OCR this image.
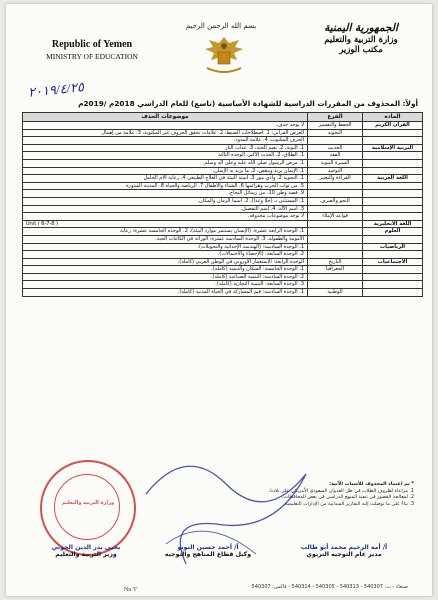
Republic of Yemen
MINISTRY OF EDUCATION
بسم الله الرحمن الرحيم	الجمهورية اليمنية
وزارة التربية والتعليم
مكتب الوزير
٢٠١٩/٤/٢٥
أولاً: المحذوف من المقررات الدراسية للشهادة الأساسية (تاسع) للعام الدراسي 2018م /2019م
المادة	الفرع	موضوعات الحذف
القرآن الكريم	الحفظ والتفسير	لا يوجد حذف.
	التجويد	العرض القرآني: 1. اصطلاحات الضبط، 2. علامات تحقق الحروف غير المكتوبة، 3. علامة من إهمال
		الحرف المكتوب، 4. علامة المدود.
التربية الإسلامية	الحديث	1. التوبة، 2. نعيم الجنة، 3. عذاب النار
	الفقه	1. الطلاق، 2. الحدث الأكبر، الوحدة الثالثة
	السيرة النبوية	1. مرض الرسول صلى الله عليه وعلى آله وسلم.
	التوحيد	1. الإيمان يزيد وينقص، 2. ما يزيد به الإيمان.
اللغة العربية	القراءة والتعبير	1. التجويد 2. وادي مور 3. اتمتة البيئة في العلاج الطبيعي 4. رعاية الأم الحامل
		5. من ثواب الحرب وهزائمها 6. الشتاء والأطفال 7. الرياضة والحياة 8. المدينة المدورة
		9. قصة وطن 10. من رسائل النجاح.
	النحو والصرف	1. المستثنى بـ (خلا وعدا)، 2. أسما الزمان والمكان.
		3. اسم الآلة، 4. اسم التفضيل.
	قواعد الإملاء	لا توجد موضوعات محذوفة.
اللغة الانجليزية		Unit ( 6-7-8 )
العلوم		1. الوحدة الرابعة عشرة: (الإنسان يستثمر موارد البيئة)، 2. الوحدة الخامسة عشرة: رعاية
		الأمومة والطفولة، 3. الوحدة السادسة عشرة: الوراثة في الكائنات الحية.
الرياضيات		1. الوحدة السادسة: (الهندسة الإحداثية والتحويلات).
		2. الوحدة السابعة: (الإحصاء والاحتمالات).
الاجتماعيات	التاريخ	الوحدة الرابعة: الاستعمار الأوروبي في الوطن العربي (كاملة).
	الجغرافيا	1. الوحدة الخامسة: السكان والتنمية (كاملة).
		2. الوحدة السادسة: التنمية الصناعية (كاملة).
		3. الوحدة السابعة: التنمية التجارية (كاملة).
	الوطنية	1. الوحدة السادسة: قيم المشاركة في الحياة المدنية (كاملة).
* تم اعتماد المحذوف للأسباب الآتية:
1. مراعاة لظروف الطلاب في ظل العدوان السعودي الأمريكي على بلادنا.
2. لمعالجة القصور في تنفيذ المنهج الدراسي في بعض المحافظات.
3. بناءً على ما توصلت إليه التقارير الميدانية من الإدارات التعليمية.
وزارة التربية والتعليم
أ/ أمة الرحيم محمد أبو طالب
مدير عام التوجيه التربوي
أ/ أحمد حسين النونو
وكيل قطاع المناهج والتوجيه
يحيى بدر الدين الحوثي
وزير التربية والتعليم
No 'I'	صنعاء - ت: 540307 - 540313 - 540305 - 540314 - فاكس: 540307
